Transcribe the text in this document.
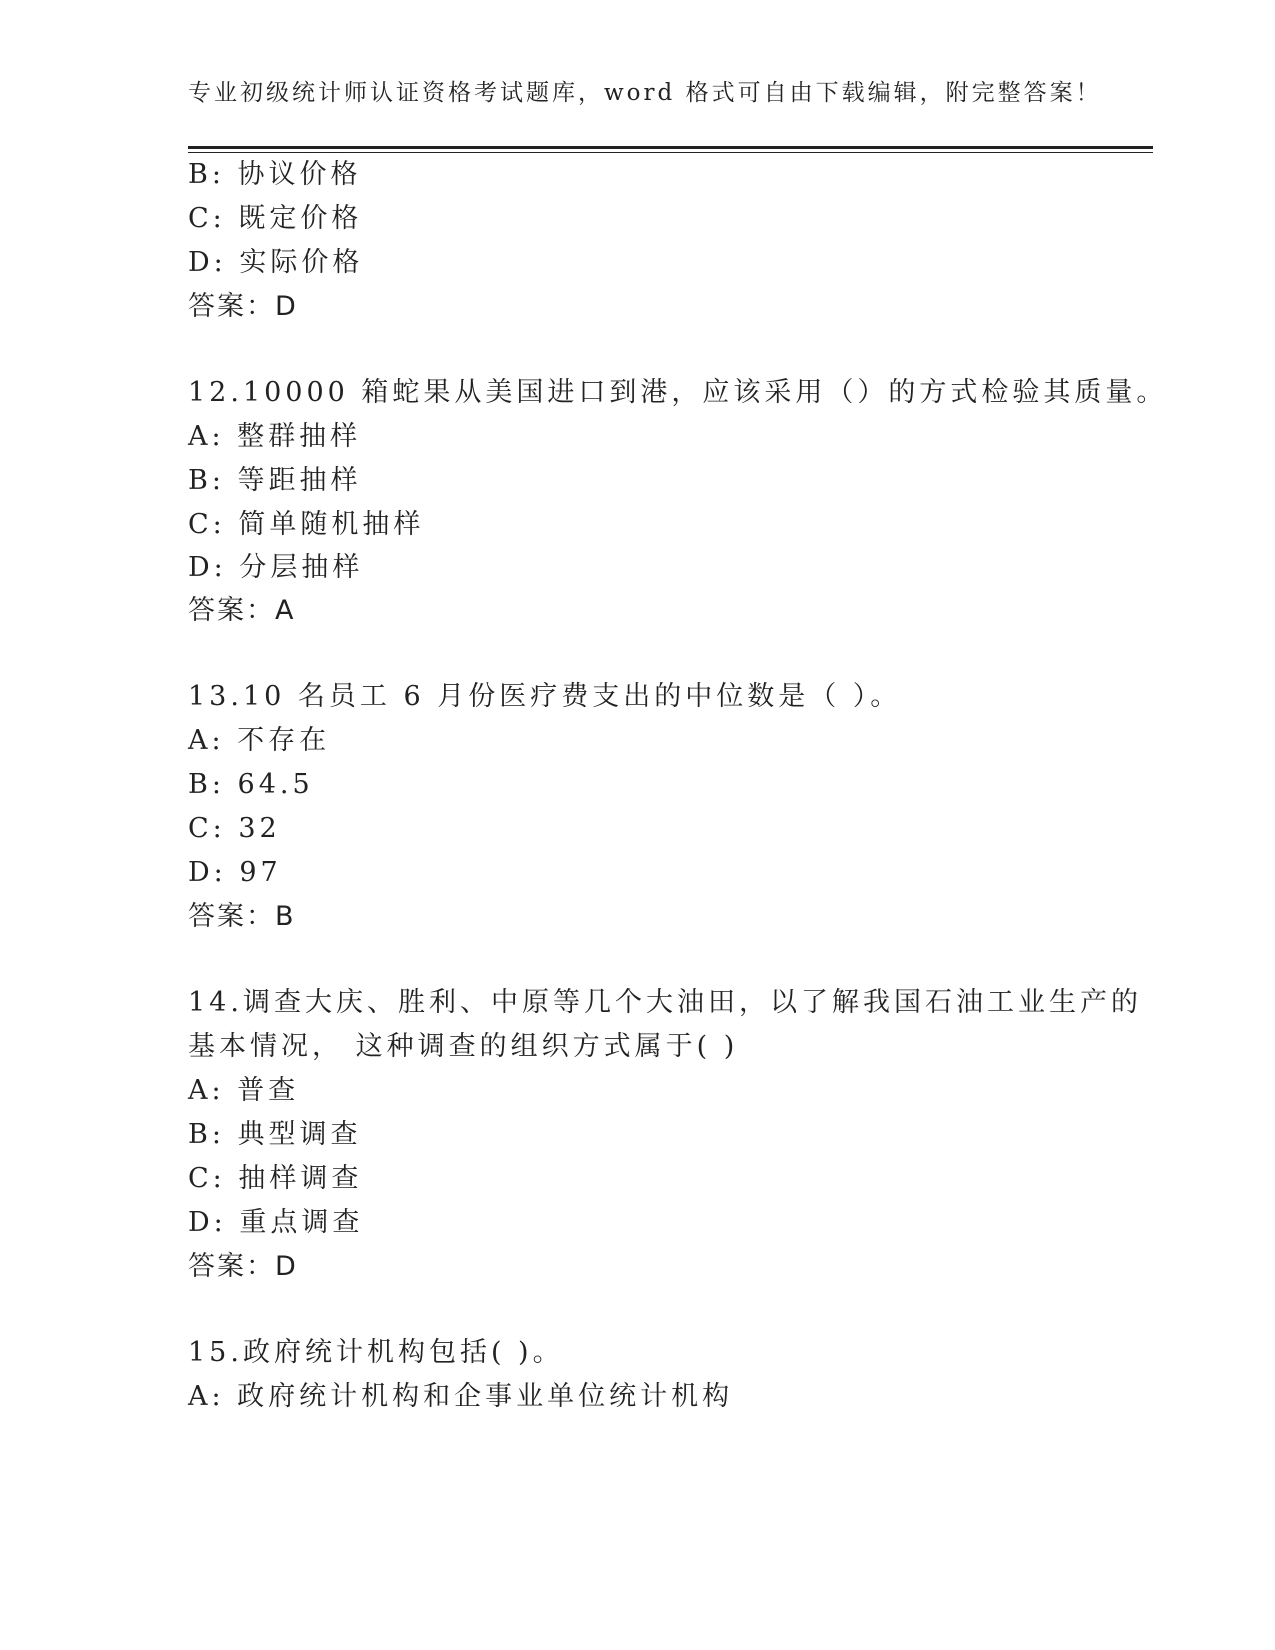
专业初级统计师认证资格考试题库，word 格式可自由下载编辑，附完整答案！
B: 协议价格
C: 既定价格
D: 实际价格
答案：D
12.10000 箱蛇果从美国进口到港，应该采用（）的方式检验其质量。
A: 整群抽样
B: 等距抽样
C: 简单随机抽样
D: 分层抽样
答案：A
13.10 名员工 6 月份医疗费支出的中位数是（ ）。
A: 不存在
B: 64.5
C: 32
D: 97
答案：B
14.调查大庆、胜利、中原等几个大油田，以了解我国石油工业生产的
基本情况， 这种调查的组织方式属于( )
A: 普查
B: 典型调查
C: 抽样调查
D: 重点调查
答案：D
15.政府统计机构包括( )。
A: 政府统计机构和企事业单位统计机构
